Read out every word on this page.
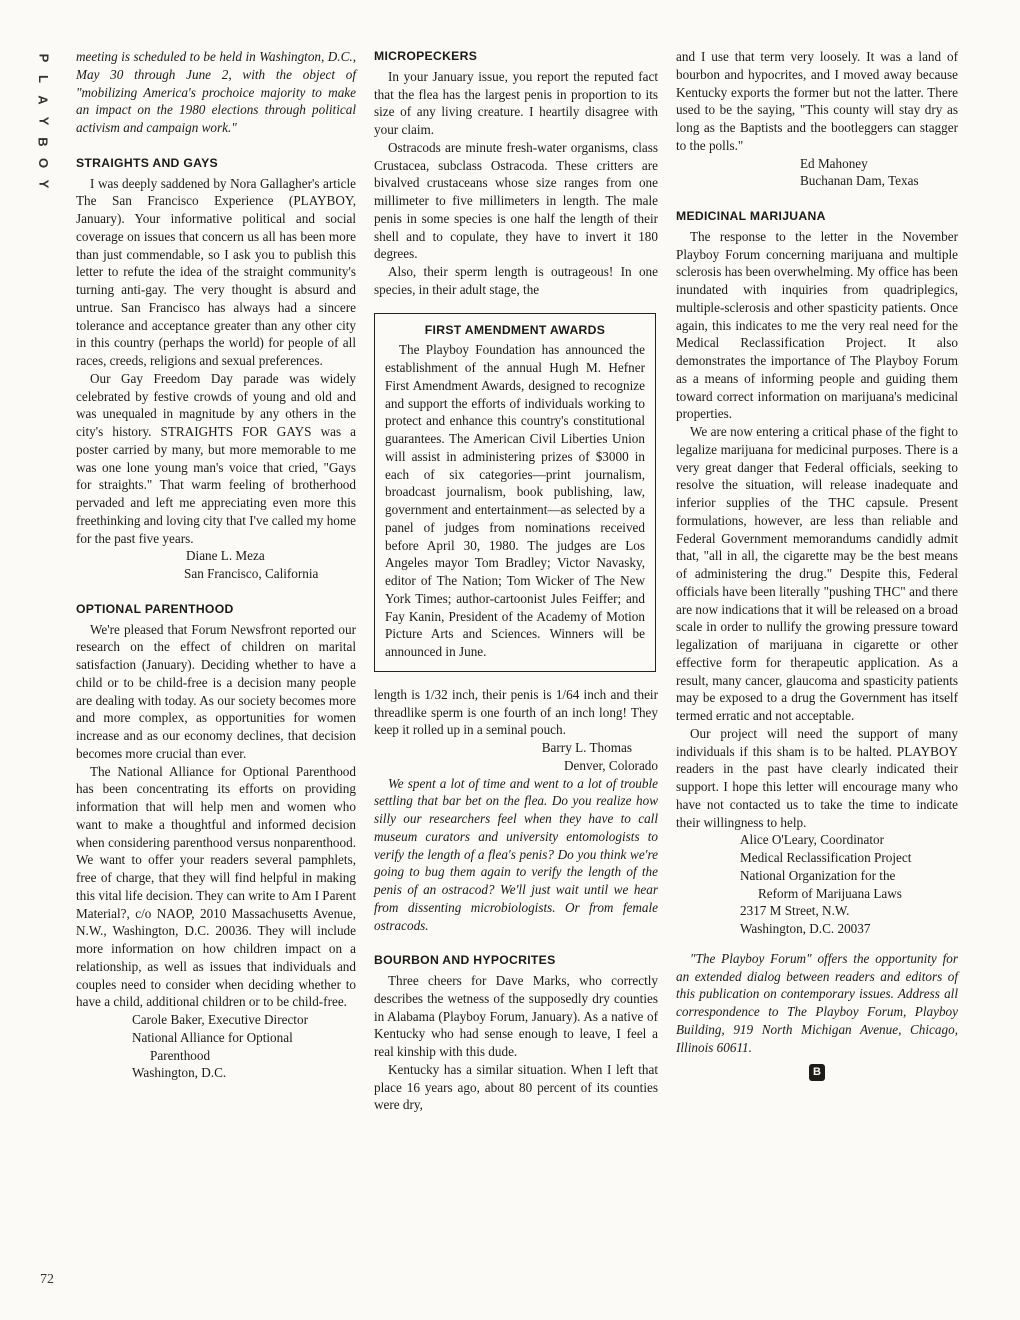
P
L
A
Y
B
O
Y

meeting is scheduled to be held in Washington, D.C., May 30 through June 2, with the object of "mobilizing America's prochoice majority to make an impact on the 1980 elections through political activism and campaign work."

STRAIGHTS AND GAYS

I was deeply saddened by Nora Gallagher's article The San Francisco Experience (PLAYBOY, January). Your informative political and social coverage on issues that concern us all has been more than just commendable, so I ask you to publish this letter to refute the idea of the straight community's turning anti-gay. The very thought is absurd and untrue. San Francisco has always had a sincere tolerance and acceptance greater than any other city in this country (perhaps the world) for people of all races, creeds, religions and sexual preferences.

Our Gay Freedom Day parade was widely celebrated by festive crowds of young and old and was unequaled in magnitude by any others in the city's history. STRAIGHTS FOR GAYS was a poster carried by many, but more memorable to me was one lone young man's voice that cried, "Gays for straights." That warm feeling of brotherhood pervaded and left me appreciating even more this freethinking and loving city that I've called my home for the past five years.

Diane L. Meza

San Francisco, California

OPTIONAL PARENTHOOD

We're pleased that Forum Newsfront reported our research on the effect of children on marital satisfaction (January). Deciding whether to have a child or to be child-free is a decision many people are dealing with today. As our society becomes more and more complex, as opportunities for women increase and as our economy declines, that decision becomes more crucial than ever.

The National Alliance for Optional Parenthood has been concentrating its efforts on providing information that will help men and women who want to make a thoughtful and informed decision when considering parenthood versus nonparenthood. We want to offer your readers several pamphlets, free of charge, that they will find helpful in making this vital life decision. They can write to Am I Parent Material?, c/o NAOP, 2010 Massachusetts Avenue, N.W., Washington, D.C. 20036. They will include more information on how children impact on a relationship, as well as issues that individuals and couples need to consider when deciding whether to have a child, additional children or to be child-free.

Carole Baker, Executive Director

National Alliance for Optional

Parenthood

Washington, D.C.

MICROPECKERS

In your January issue, you report the reputed fact that the flea has the largest penis in proportion to its size of any living creature. I heartily disagree with your claim.

Ostracods are minute fresh-water organisms, class Crustacea, subclass Ostracoda. These critters are bivalved crustaceans whose size ranges from one millimeter to five millimeters in length. The male penis in some species is one half the length of their shell and to copulate, they have to invert it 180 degrees.

Also, their sperm length is outrageous! In one species, in their adult stage, the

FIRST AMENDMENT AWARDS

The Playboy Foundation has announced the establishment of the annual Hugh M. Hefner First Amendment Awards, designed to recognize and support the efforts of individuals working to protect and enhance this country's constitutional guarantees. The American Civil Liberties Union will assist in administering prizes of $3000 in each of six categories—print journalism, broadcast journalism, book publishing, law, government and entertainment—as selected by a panel of judges from nominations received before April 30, 1980. The judges are Los Angeles mayor Tom Bradley; Victor Navasky, editor of The Nation; Tom Wicker of The New York Times; author-cartoonist Jules Feiffer; and Fay Kanin, President of the Academy of Motion Picture Arts and Sciences. Winners will be announced in June.

length is 1/32 inch, their penis is 1/64 inch and their threadlike sperm is one fourth of an inch long! They keep it rolled up in a seminal pouch.

Barry L. Thomas

Denver, Colorado

We spent a lot of time and went to a lot of trouble settling that bar bet on the flea. Do you realize how silly our researchers feel when they have to call museum curators and university entomologists to verify the length of a flea's penis? Do you think we're going to bug them again to verify the length of the penis of an ostracod? We'll just wait until we hear from dissenting microbiologists. Or from female ostracods.

BOURBON AND HYPOCRITES

Three cheers for Dave Marks, who correctly describes the wetness of the supposedly dry counties in Alabama (Playboy Forum, January). As a native of Kentucky who had sense enough to leave, I feel a real kinship with this dude.

Kentucky has a similar situation. When I left that place 16 years ago, about 80 percent of its counties were dry,

and I use that term very loosely. It was a land of bourbon and hypocrites, and I moved away because Kentucky exports the former but not the latter. There used to be the saying, "This county will stay dry as long as the Baptists and the bootleggers can stagger to the polls."

Ed Mahoney

Buchanan Dam, Texas

MEDICINAL MARIJUANA

The response to the letter in the November Playboy Forum concerning marijuana and multiple sclerosis has been overwhelming. My office has been inundated with inquiries from quadriplegics, multiple-sclerosis and other spasticity patients. Once again, this indicates to me the very real need for the Medical Reclassification Project. It also demonstrates the importance of The Playboy Forum as a means of informing people and guiding them toward correct information on marijuana's medicinal properties.

We are now entering a critical phase of the fight to legalize marijuana for medicinal purposes. There is a very great danger that Federal officials, seeking to resolve the situation, will release inadequate and inferior supplies of the THC capsule. Present formulations, however, are less than reliable and Federal Government memorandums candidly admit that, "all in all, the cigarette may be the best means of administering the drug." Despite this, Federal officials have been literally "pushing THC" and there are now indications that it will be released on a broad scale in order to nullify the growing pressure toward legalization of marijuana in cigarette or other effective form for therapeutic application. As a result, many cancer, glaucoma and spasticity patients may be exposed to a drug the Government has itself termed erratic and not acceptable.

Our project will need the support of many individuals if this sham is to be halted. PLAYBOY readers in the past have clearly indicated their support. I hope this letter will encourage many who have not contacted us to take the time to indicate their willingness to help.

Alice O'Leary, Coordinator

Medical Reclassification Project

National Organization for the

Reform of Marijuana Laws

2317 M Street, N.W.

Washington, D.C. 20037

"The Playboy Forum" offers the opportunity for an extended dialog between readers and editors of this publication on contemporary issues. Address all correspondence to The Playboy Forum, Playboy Building, 919 North Michigan Avenue, Chicago, Illinois 60611.

B
72
